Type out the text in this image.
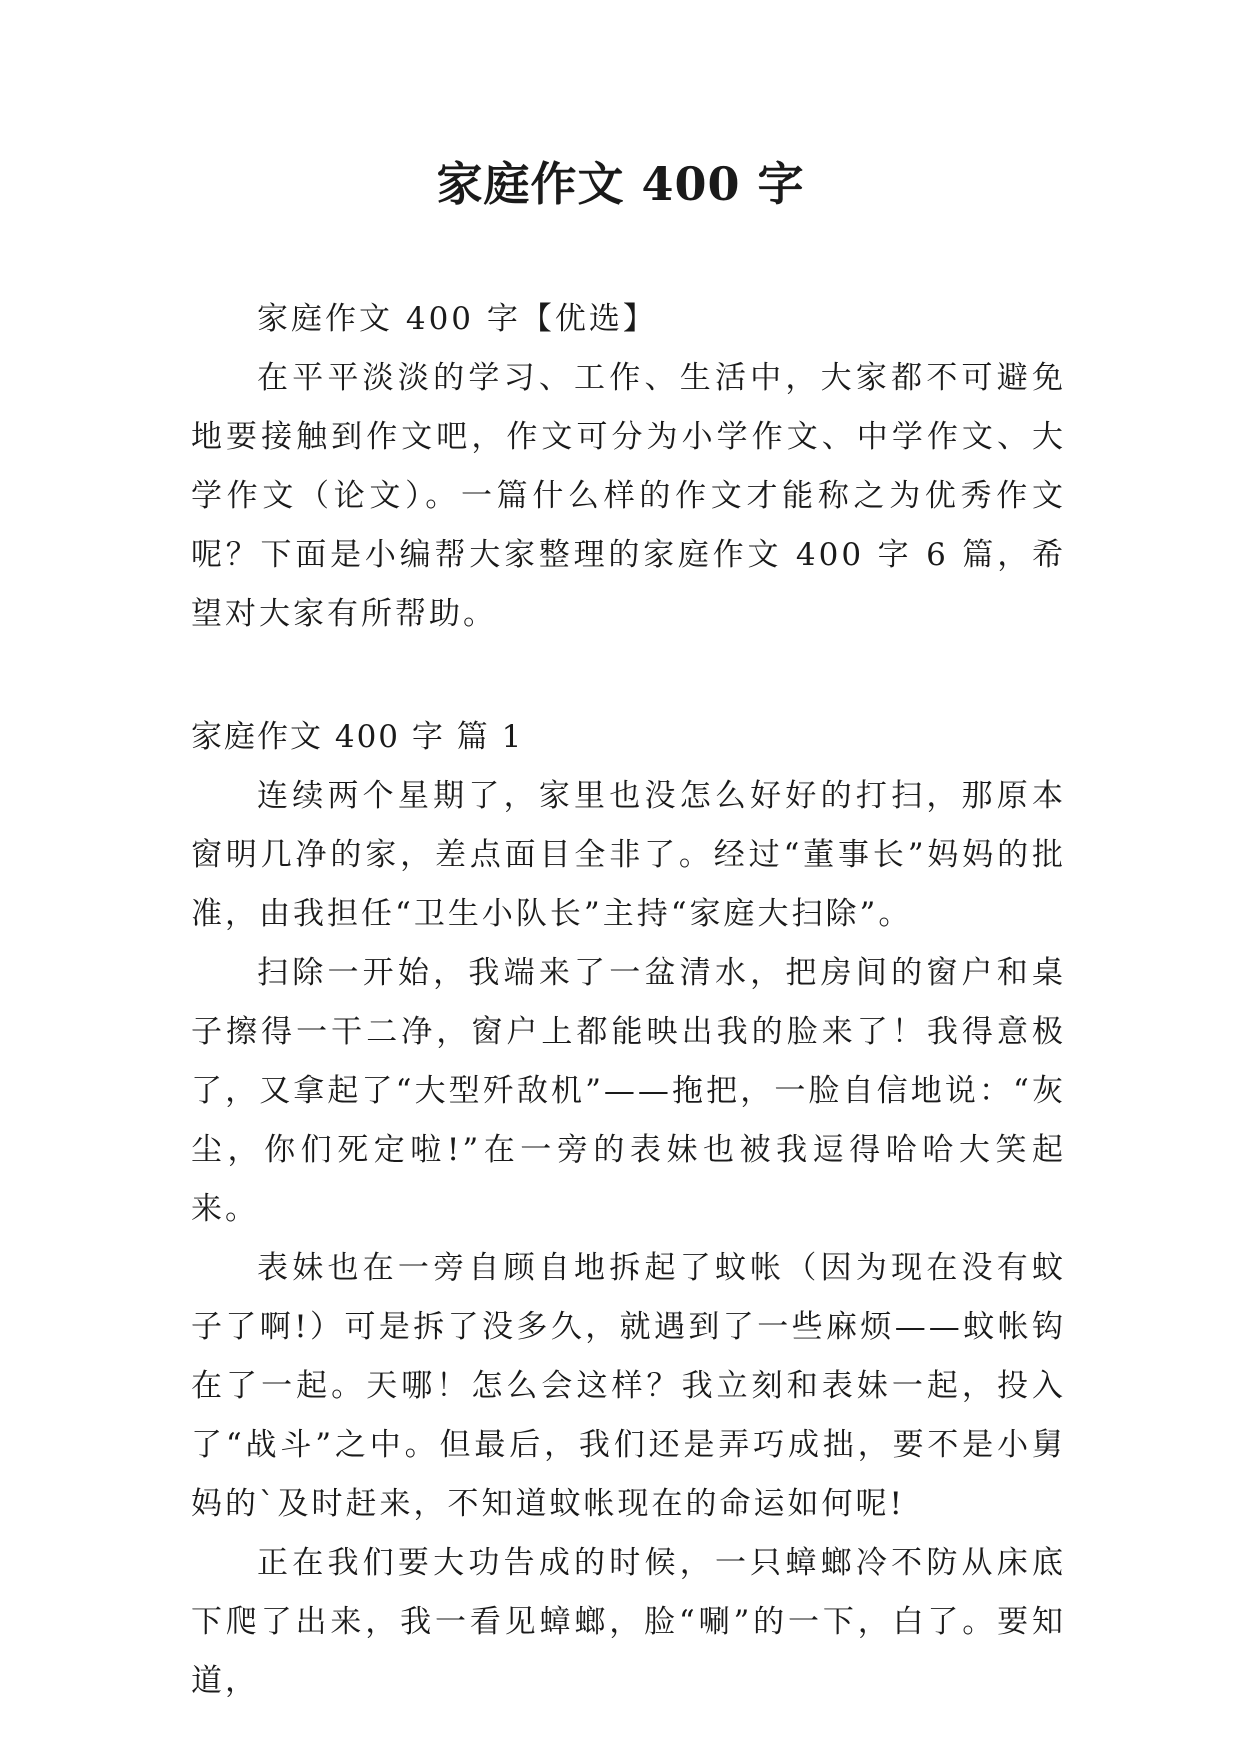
家庭作文 400 字

家庭作文 400 字【优选】

在平平淡淡的学习、工作、生活中，大家都不可避免地要接触到作文吧，作文可分为小学作文、中学作文、大学作文（论文）。一篇什么样的作文才能称之为优秀作文呢？下面是小编帮大家整理的家庭作文 400 字 6 篇，希望对大家有所帮助。

家庭作文 400 字 篇 1

连续两个星期了，家里也没怎么好好的打扫，那原本窗明几净的家，差点面目全非了。经过“董事长”妈妈的批准，由我担任“卫生小队长”主持“家庭大扫除”。

扫除一开始，我端来了一盆清水，把房间的窗户和桌子擦得一干二净，窗户上都能映出我的脸来了！我得意极了，又拿起了“大型歼敌机”——拖把，一脸自信地说：“灰尘，你们死定啦!”在一旁的表妹也被我逗得哈哈大笑起来。

表妹也在一旁自顾自地拆起了蚊帐（因为现在没有蚊子了啊!）可是拆了没多久，就遇到了一些麻烦——蚊帐钩在了一起。天哪！怎么会这样？我立刻和表妹一起，投入了“战斗”之中。但最后，我们还是弄巧成拙，要不是小舅妈的`及时赶来，不知道蚊帐现在的命运如何呢!

正在我们要大功告成的时候，一只蟑螂冷不防从床底下爬了出来，我一看见蟑螂，脸“唰”的一下，白了。要知道，
